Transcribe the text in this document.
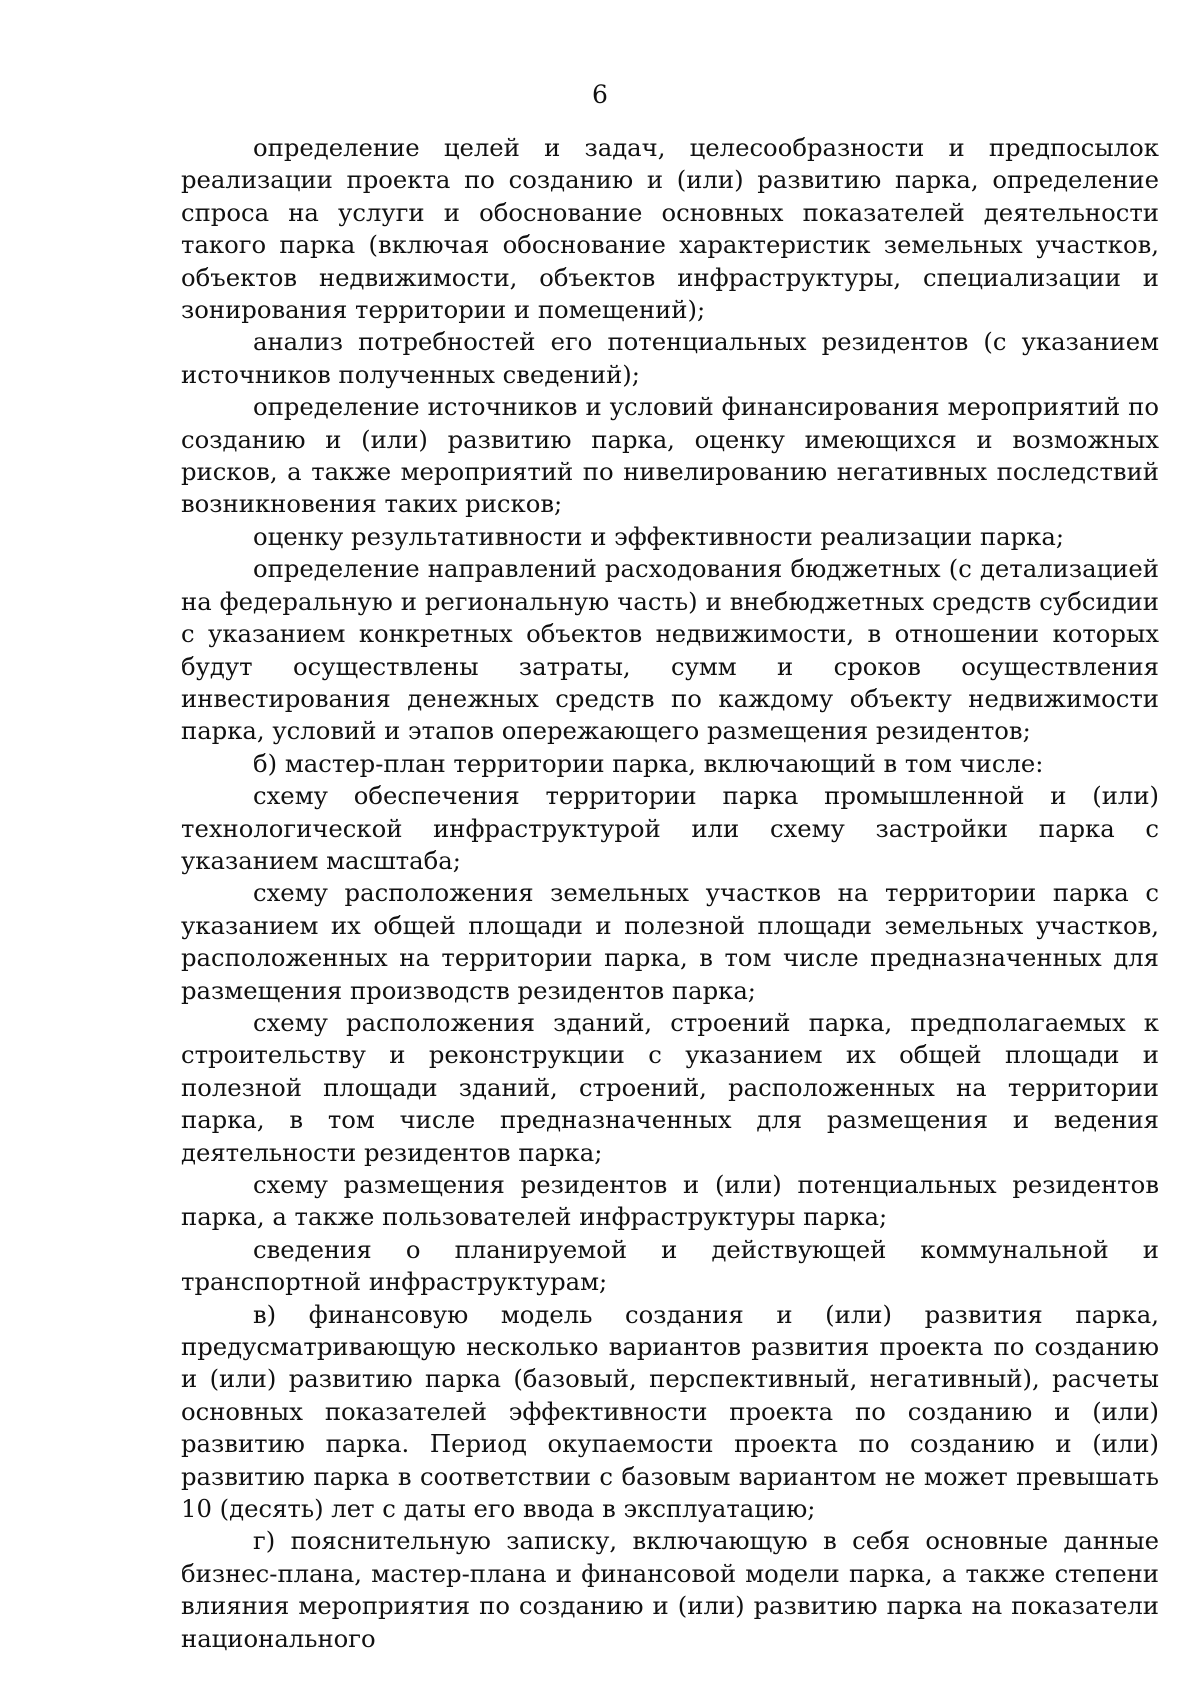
6

определение целей и задач, целесообразности и предпосылок реализации проекта по созданию и (или) развитию парка, определение спроса на услуги и обоснование основных показателей деятельности такого парка (включая обоснование характеристик земельных участков, объектов недвижимости, объектов инфраструктуры, специализации и зонирования территории и помещений);

анализ потребностей его потенциальных резидентов (с указанием источников полученных сведений);

определение источников и условий финансирования мероприятий по созданию и (или) развитию парка, оценку имеющихся и возможных рисков, а также мероприятий по нивелированию негативных последствий возникновения таких рисков;

оценку результативности и эффективности реализации парка;

определение направлений расходования бюджетных (с детализацией на федеральную и региональную часть) и внебюджетных средств субсидии с указанием конкретных объектов недвижимости, в отношении которых будут осуществлены затраты, сумм и сроков осуществления инвестирования денежных средств по каждому объекту недвижимости парка, условий и этапов опережающего размещения резидентов;

б) мастер-план территории парка, включающий в том числе:

схему обеспечения территории парка промышленной и (или) технологической инфраструктурой или схему застройки парка с указанием масштаба;

схему расположения земельных участков на территории парка с указанием их общей площади и полезной площади земельных участков, расположенных на территории парка, в том числе предназначенных для размещения производств резидентов парка;

схему расположения зданий, строений парка, предполагаемых к строительству и реконструкции с указанием их общей площади и полезной площади зданий, строений, расположенных на территории парка, в том числе предназначенных для размещения и ведения деятельности резидентов парка;

схему размещения резидентов и (или) потенциальных резидентов парка, а также пользователей инфраструктуры парка;

сведения о планируемой и действующей коммунальной и транспортной инфраструктурам;

в) финансовую модель создания и (или) развития парка, предусматривающую несколько вариантов развития проекта по созданию и (или) развитию парка (базовый, перспективный, негативный), расчеты основных показателей эффективности проекта по созданию и (или) развитию парка. Период окупаемости проекта по созданию и (или) развитию парка в соответствии с базовым вариантом не может превышать 10 (десять) лет с даты его ввода в эксплуатацию;

г) пояснительную записку, включающую в себя основные данные бизнес-плана, мастер-плана и финансовой модели парка, а также степени влияния мероприятия по созданию и (или) развитию парка на показатели национального
